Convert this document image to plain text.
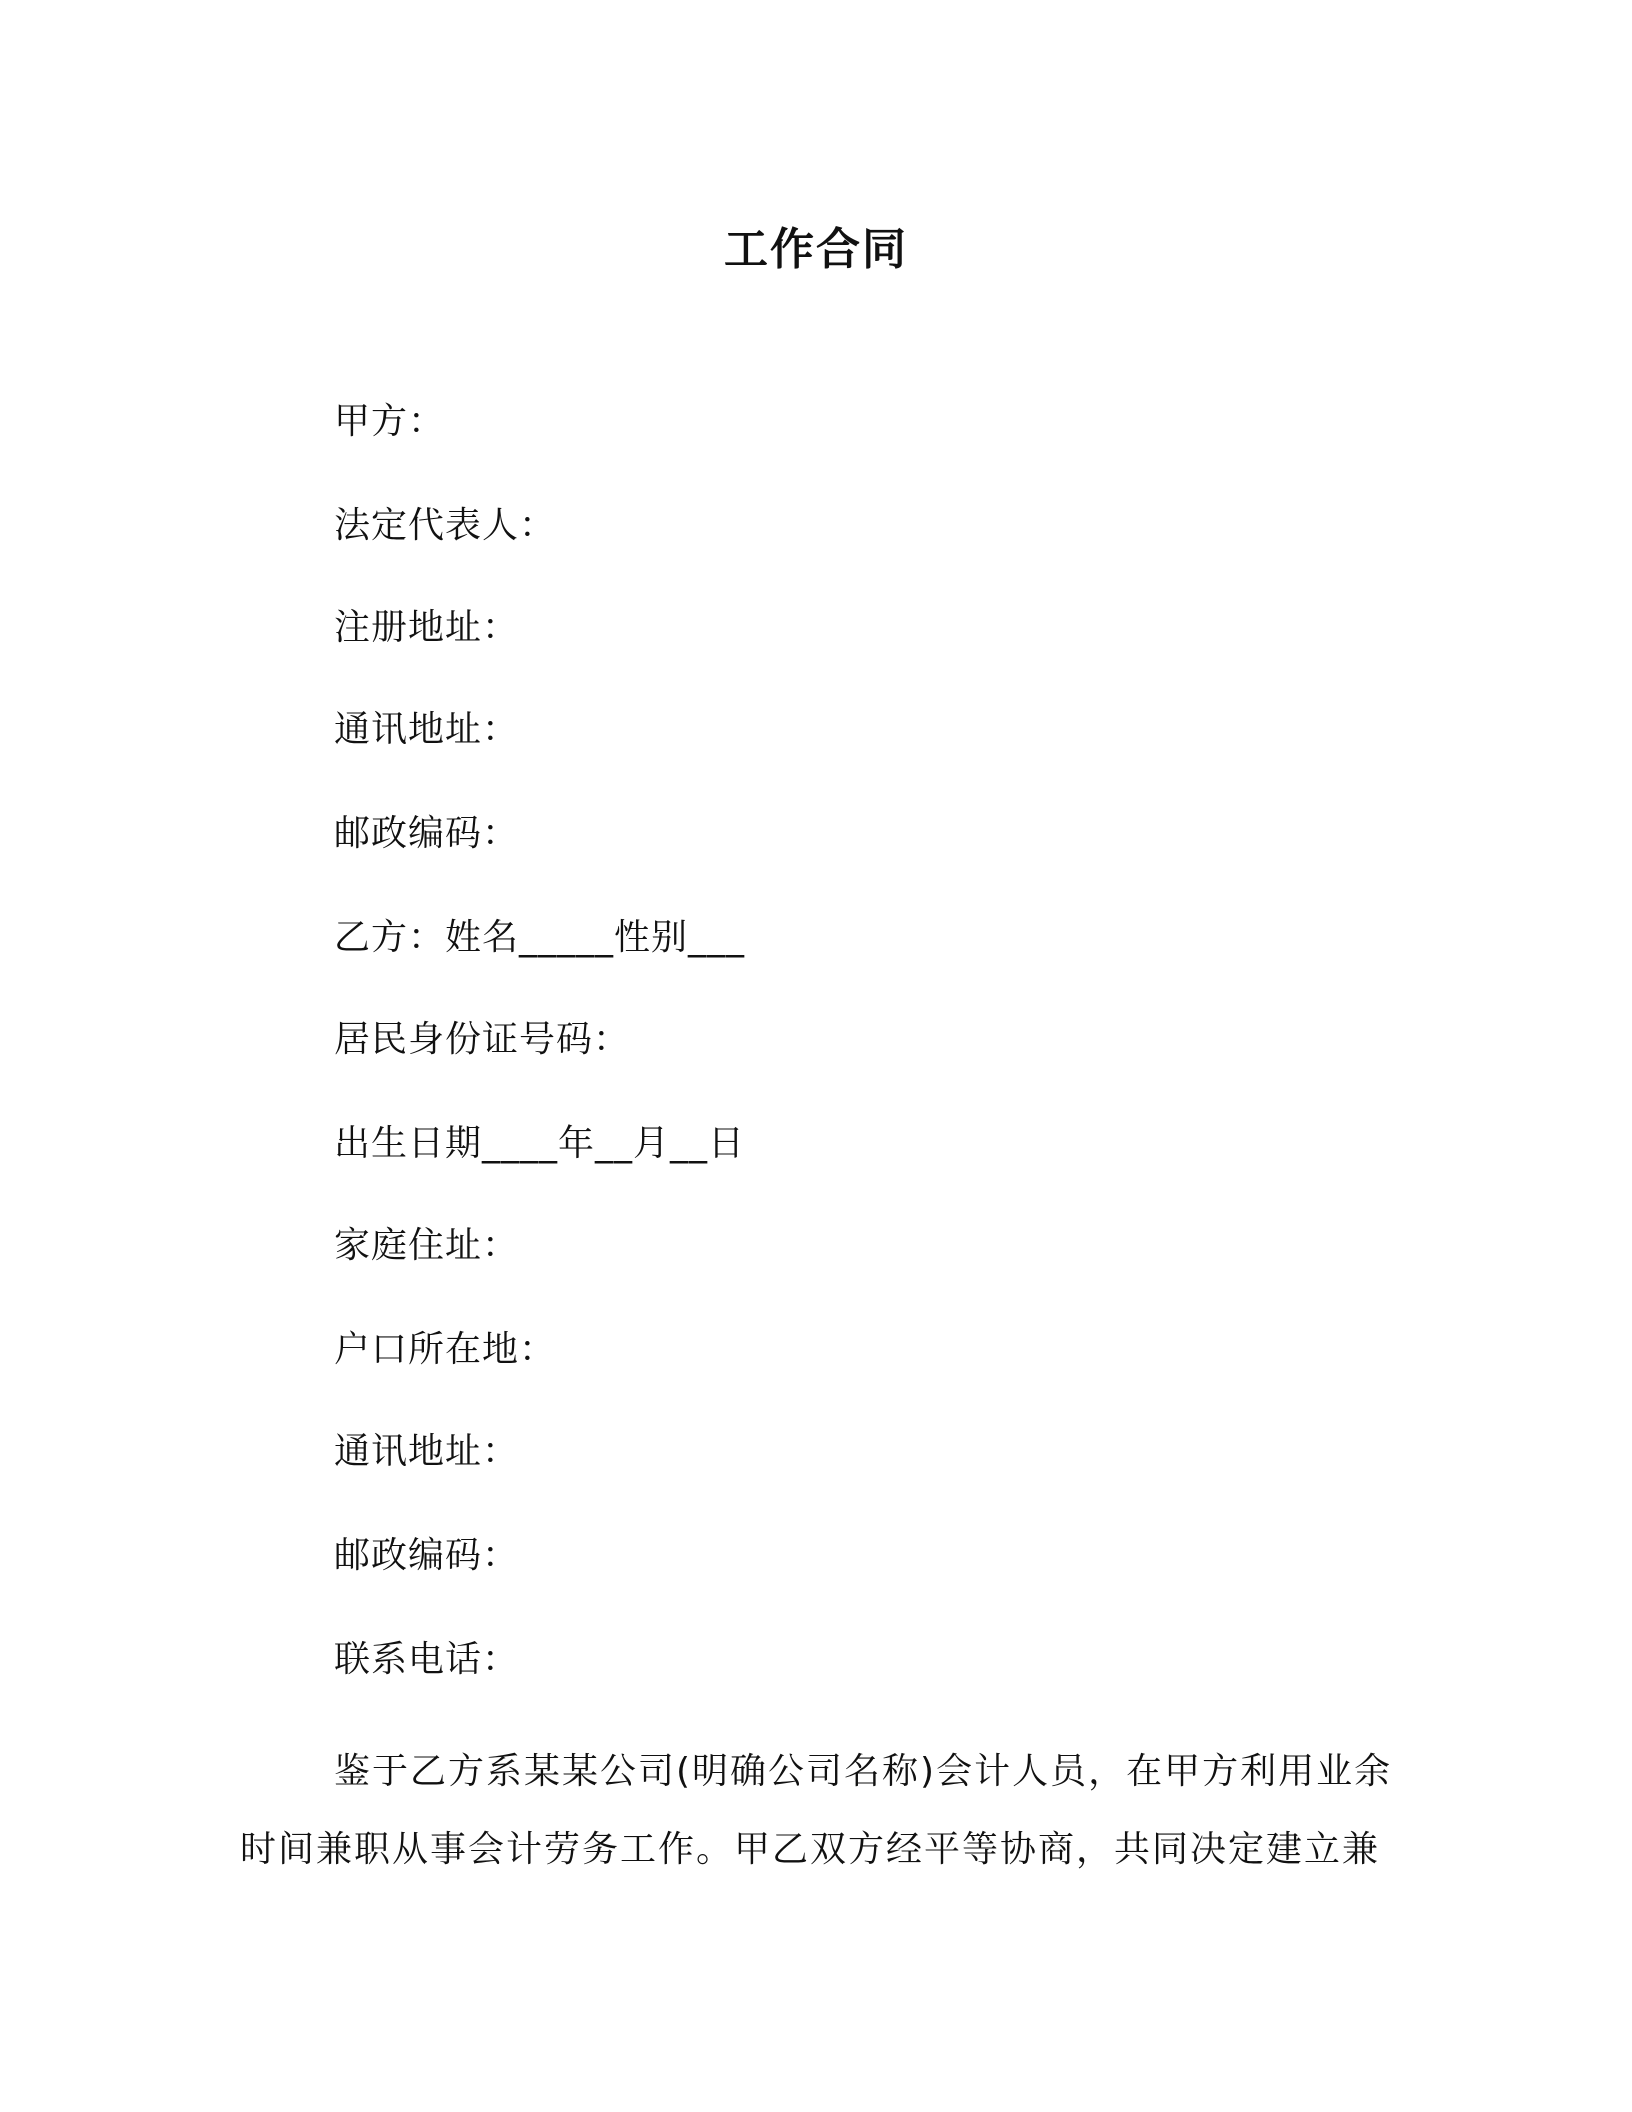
工作合同
甲方：
法定代表人：
注册地址：
通讯地址：
邮政编码：
乙方：姓名_____性别___
居民身份证号码：
出生日期____年__月__日
家庭住址：
户口所在地：
通讯地址：
邮政编码：
联系电话：
鉴于乙方系某某公司(明确公司名称)会计人员，在甲方利用业余
时间兼职从事会计劳务工作。甲乙双方经平等协商，共同决定建立兼
